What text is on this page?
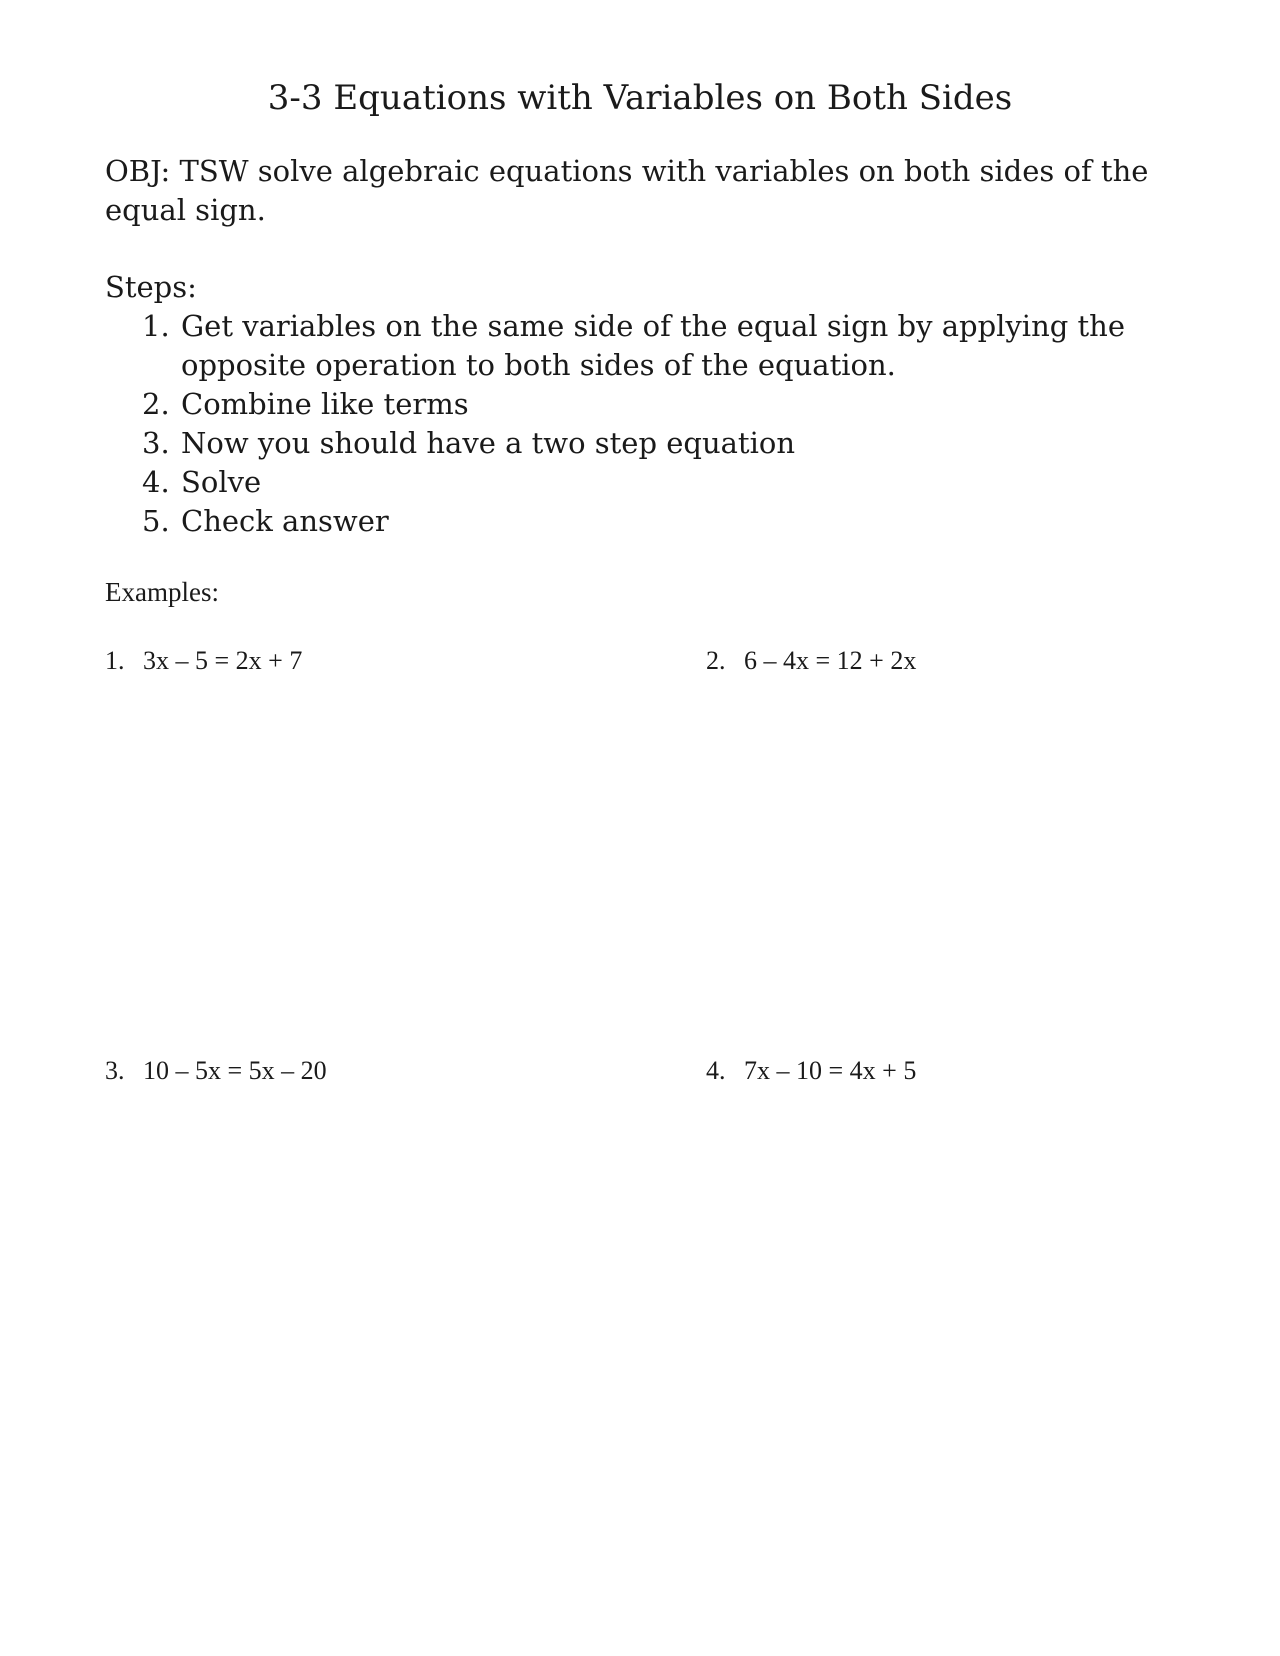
3-3 Equations with Variables on Both Sides

OBJ: TSW solve algebraic equations with variables on both sides of the equal sign.

Steps:

1. Get variables on the same side of the equal sign by applying the opposite operation to both sides of the equation.
2. Combine like terms
3. Now you should have a two step equation
4. Solve
5. Check answer

Examples:

1. 3x – 5 = 2x + 7	2. 6 – 4x = 12 + 2x
3. 10 – 5x = 5x – 20	4. 7x – 10 = 4x + 5
